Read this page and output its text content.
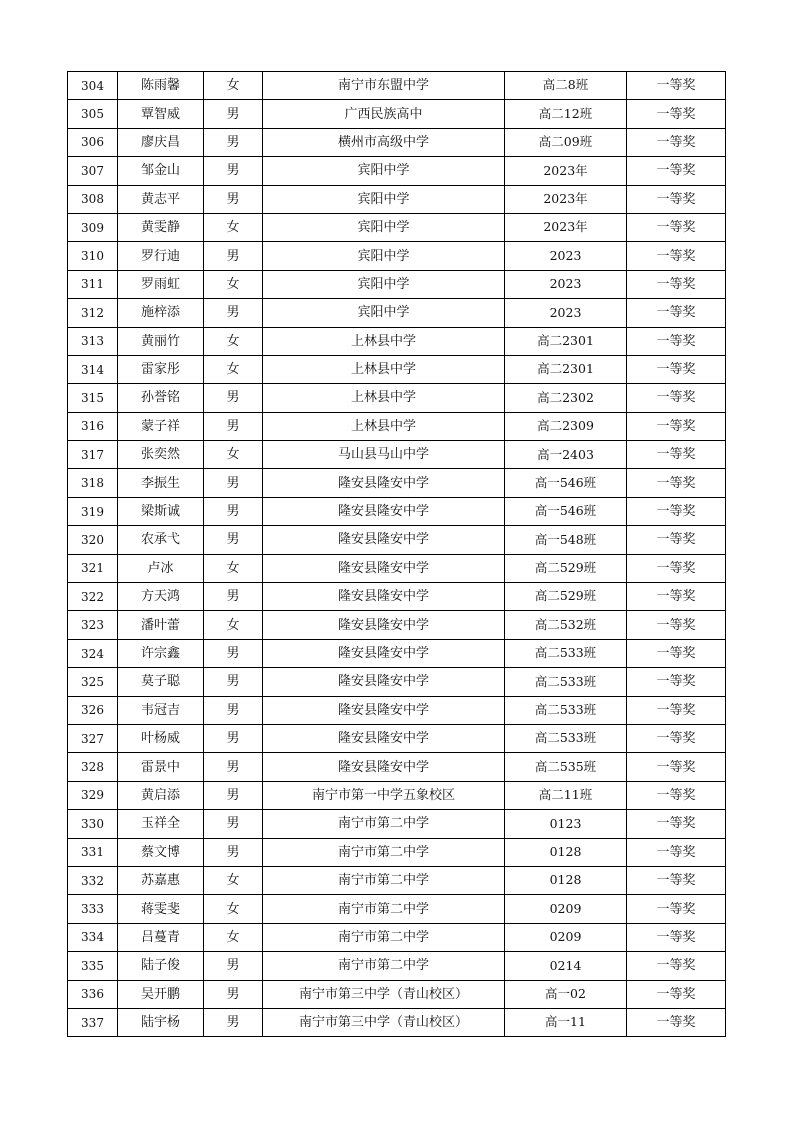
304	陈雨馨	女	南宁市东盟中学	高二8班	一等奖
305	覃智威	男	广西民族高中	高二12班	一等奖
306	廖庆昌	男	横州市高级中学	高二09班	一等奖
307	邹金山	男	宾阳中学	2023年	一等奖
308	黄志平	男	宾阳中学	2023年	一等奖
309	黄雯静	女	宾阳中学	2023年	一等奖
310	罗行迪	男	宾阳中学	2023	一等奖
311	罗雨虹	女	宾阳中学	2023	一等奖
312	施梓添	男	宾阳中学	2023	一等奖
313	黄丽竹	女	上林县中学	高二2301	一等奖
314	雷家彤	女	上林县中学	高二2301	一等奖
315	孙誉铭	男	上林县中学	高二2302	一等奖
316	蒙子祥	男	上林县中学	高二2309	一等奖
317	张奕然	女	马山县马山中学	高一2403	一等奖
318	李振生	男	隆安县隆安中学	高一546班	一等奖
319	梁斯诚	男	隆安县隆安中学	高一546班	一等奖
320	农承弋	男	隆安县隆安中学	高一548班	一等奖
321	卢冰	女	隆安县隆安中学	高二529班	一等奖
322	方天鸿	男	隆安县隆安中学	高二529班	一等奖
323	潘叶蕾	女	隆安县隆安中学	高二532班	一等奖
324	许宗鑫	男	隆安县隆安中学	高二533班	一等奖
325	莫子聪	男	隆安县隆安中学	高二533班	一等奖
326	韦冠吉	男	隆安县隆安中学	高二533班	一等奖
327	叶杨威	男	隆安县隆安中学	高二533班	一等奖
328	雷景中	男	隆安县隆安中学	高二535班	一等奖
329	黄启添	男	南宁市第一中学五象校区	高二11班	一等奖
330	玉祥全	男	南宁市第二中学	0123	一等奖
331	蔡文博	男	南宁市第二中学	0128	一等奖
332	苏嘉惠	女	南宁市第二中学	0128	一等奖
333	蒋雯斐	女	南宁市第二中学	0209	一等奖
334	吕蔓青	女	南宁市第二中学	0209	一等奖
335	陆子俊	男	南宁市第二中学	0214	一等奖
336	吴开鹏	男	南宁市第三中学（青山校区）	高一02	一等奖
337	陆宇杨	男	南宁市第三中学（青山校区）	高一11	一等奖
